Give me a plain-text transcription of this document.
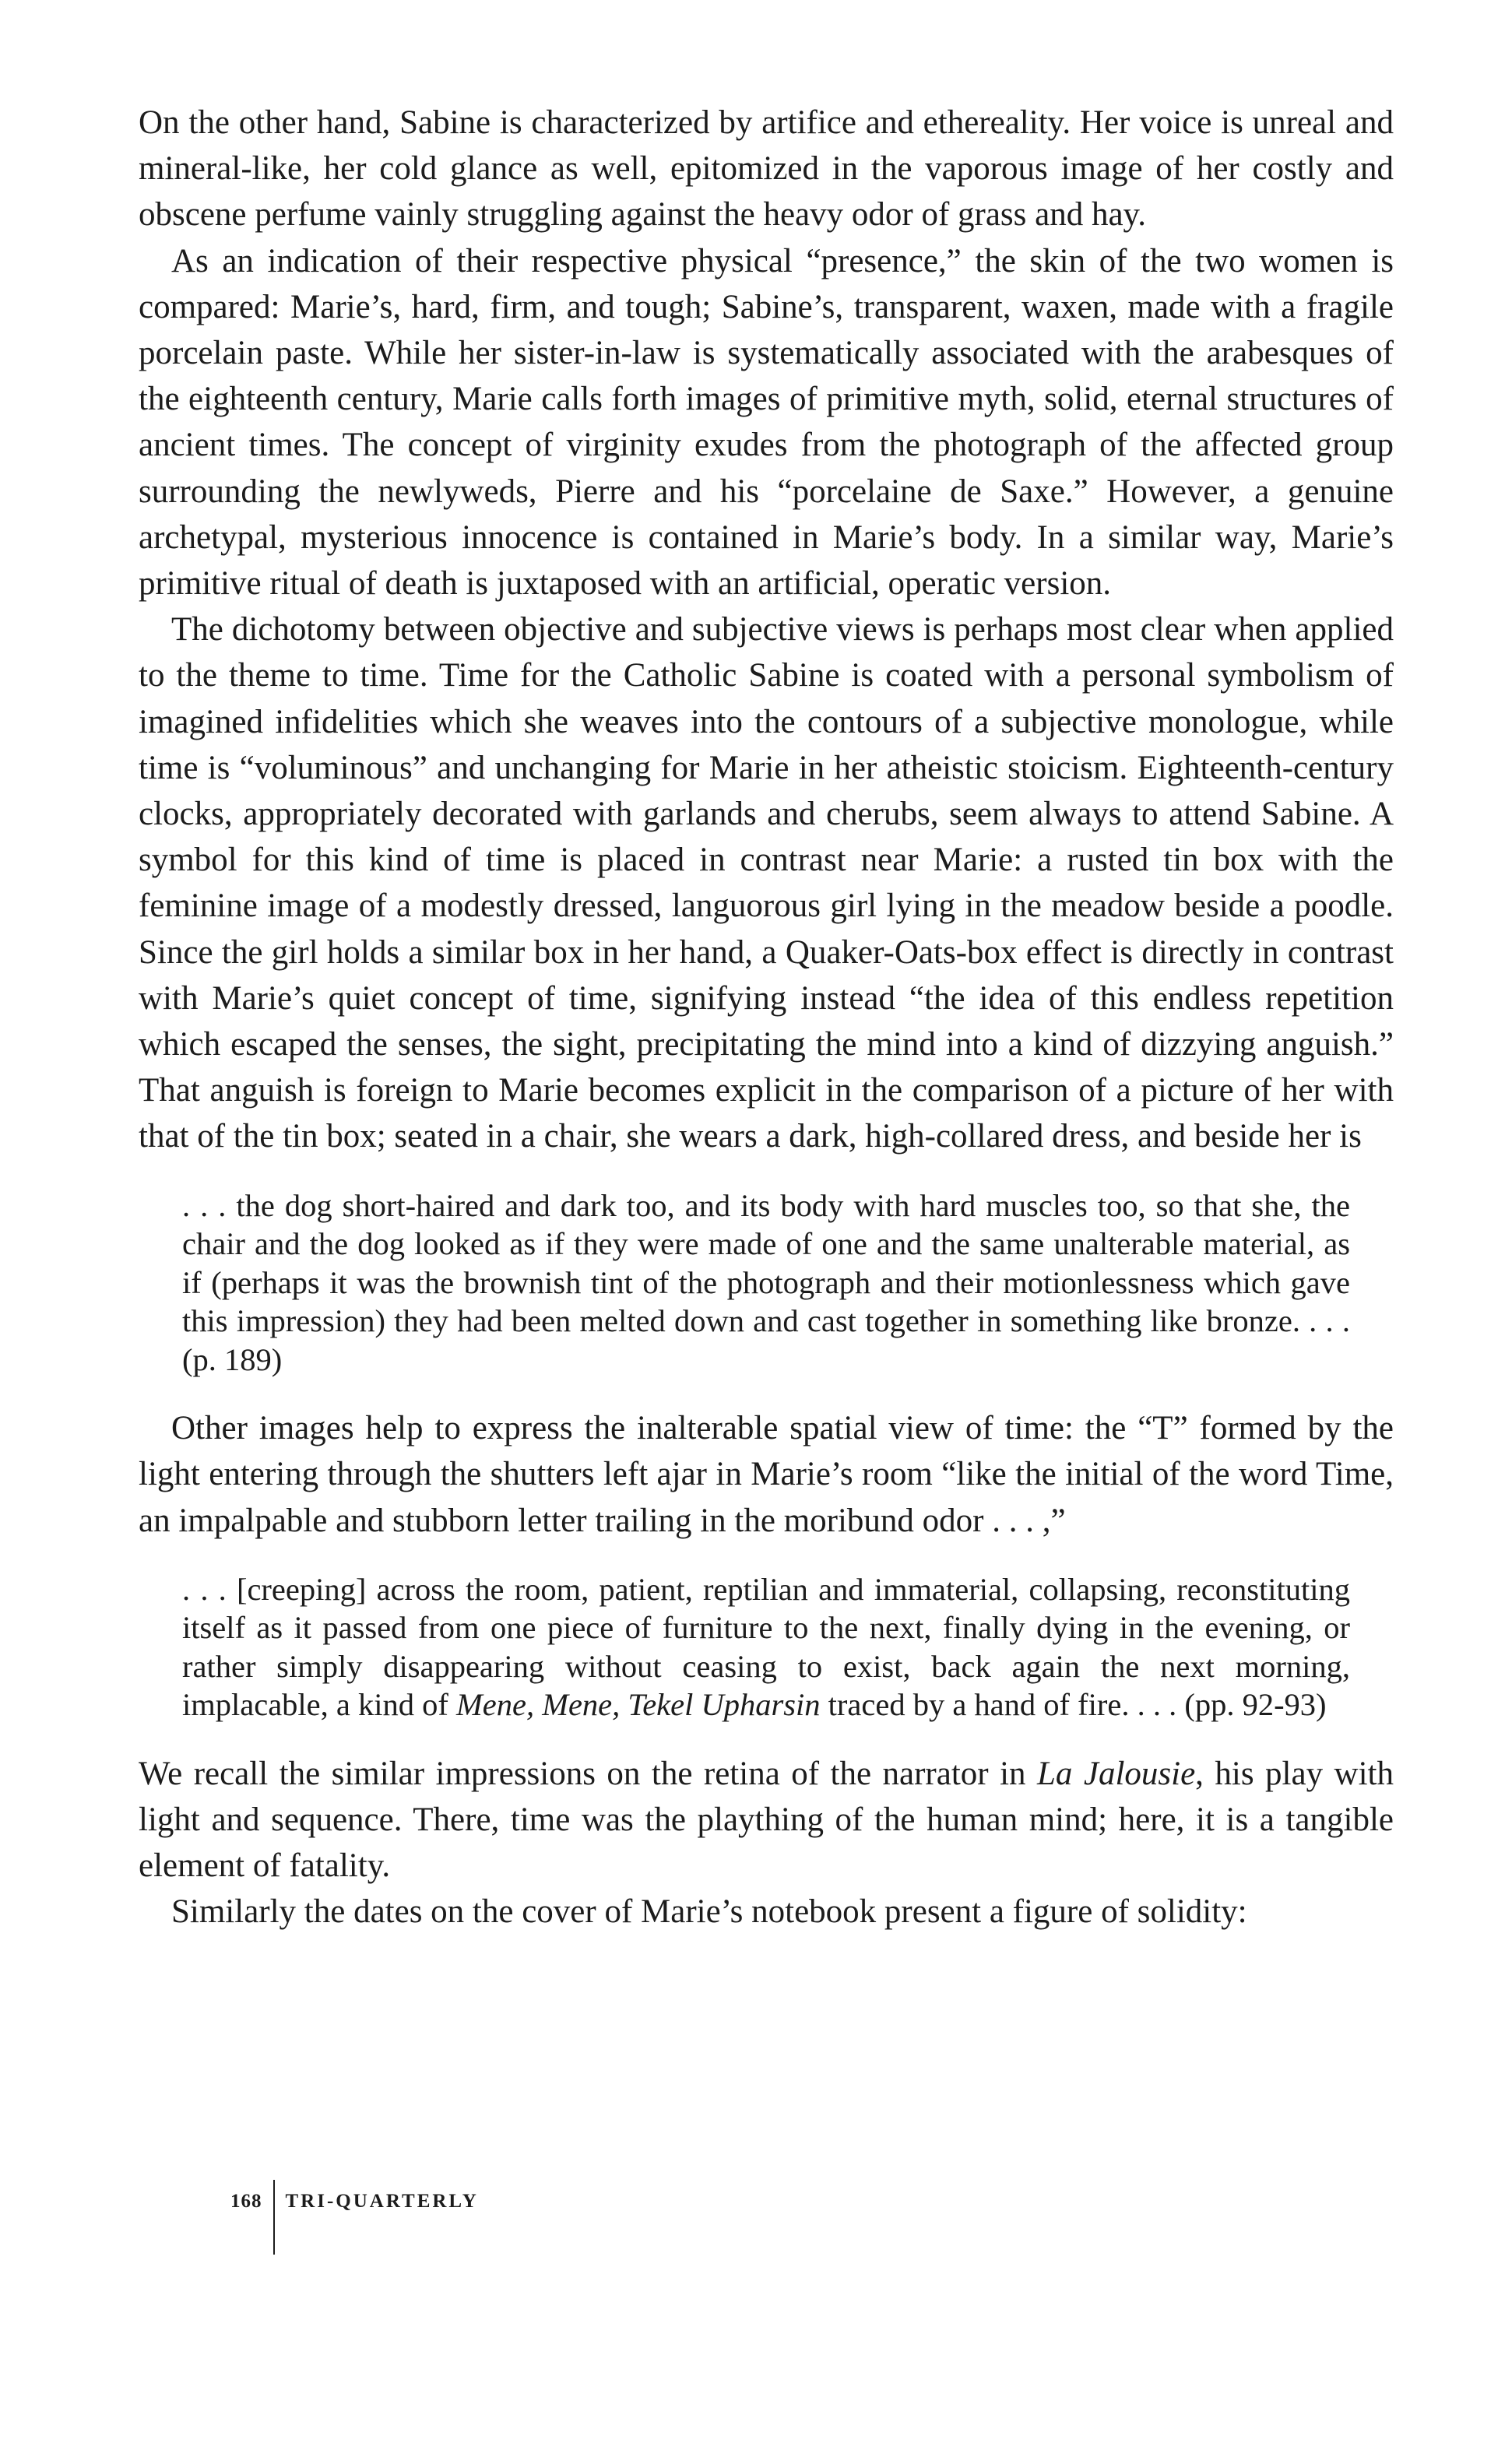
On the other hand, Sabine is characterized by artifice and ethereality. Her voice is unreal and mineral-like, her cold glance as well, epitomized in the vaporous image of her costly and obscene perfume vainly struggling against the heavy odor of grass and hay.

As an indication of their respective physical “presence,” the skin of the two women is compared: Marie’s, hard, firm, and tough; Sabine’s, transparent, waxen, made with a fragile porcelain paste. While her sister-in-law is systematically associated with the arabesques of the eighteenth century, Marie calls forth images of primitive myth, solid, eternal structures of ancient times. The concept of virginity exudes from the photograph of the affected group surrounding the newlyweds, Pierre and his “porcelaine de Saxe.” However, a genuine archetypal, mysterious innocence is contained in Marie’s body. In a similar way, Marie’s primitive ritual of death is juxtaposed with an artificial, operatic version.

The dichotomy between objective and subjective views is perhaps most clear when applied to the theme to time. Time for the Catholic Sabine is coated with a personal symbolism of imagined infidelities which she weaves into the contours of a subjective monologue, while time is “voluminous” and unchanging for Marie in her atheistic stoicism. Eighteenth-century clocks, appropriately decorated with garlands and cherubs, seem always to attend Sabine. A symbol for this kind of time is placed in contrast near Marie: a rusted tin box with the feminine image of a modestly dressed, languorous girl lying in the meadow beside a poodle. Since the girl holds a similar box in her hand, a Quaker-Oats-box effect is directly in contrast with Marie’s quiet concept of time, signifying instead “the idea of this endless repetition which escaped the senses, the sight, precipitating the mind into a kind of dizzying anguish.” That anguish is foreign to Marie becomes explicit in the comparison of a picture of her with that of the tin box; seated in a chair, she wears a dark, high-collared dress, and beside her is

. . . the dog short-haired and dark too, and its body with hard muscles too, so that she, the chair and the dog looked as if they were made of one and the same unalterable material, as if (perhaps it was the brownish tint of the photograph and their motionlessness which gave this impression) they had been melted down and cast together in something like bronze. . . . (p. 189)

Other images help to express the inalterable spatial view of time: the “T” formed by the light entering through the shutters left ajar in Marie’s room “like the initial of the word Time, an impalpable and stubborn letter trailing in the moribund odor . . . ,”

. . . [creeping] across the room, patient, reptilian and immaterial, collapsing, reconstituting itself as it passed from one piece of furniture to the next, finally dying in the evening, or rather simply disappearing without ceasing to exist, back again the next morning, implacable, a kind of Mene, Mene, Tekel Upharsin traced by a hand of fire. . . . (pp. 92-93)

We recall the similar impressions on the retina of the narrator in La Jalousie, his play with light and sequence. There, time was the plaything of the human mind; here, it is a tangible element of fatality.

Similarly the dates on the cover of Marie’s notebook present a figure of solidity:

168	TRI-QUARTERLY
